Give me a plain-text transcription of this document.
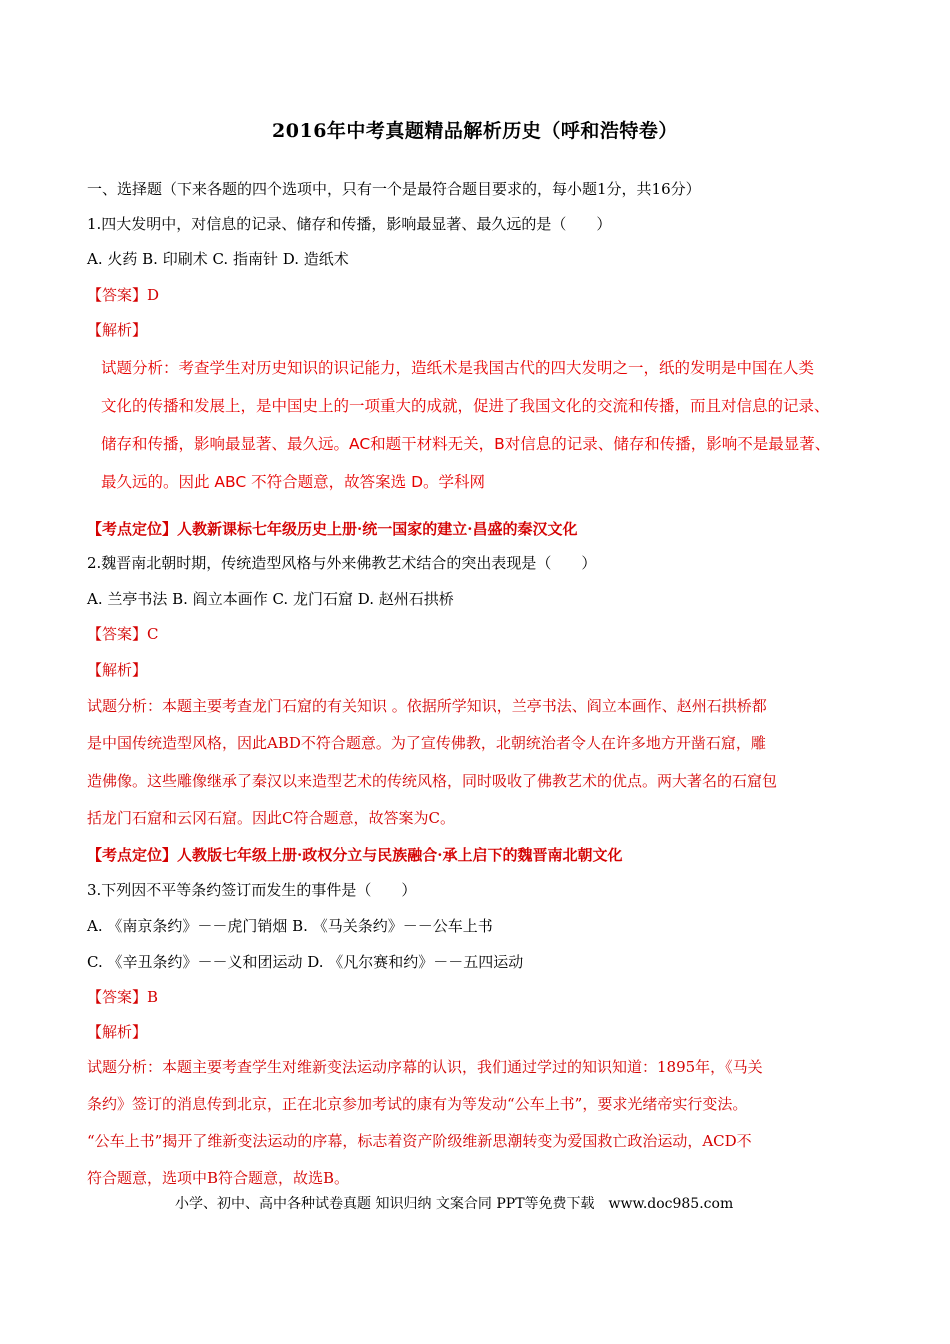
2016年中考真题精品解析历史（呼和浩特卷）
一、选择题（下来各题的四个选项中，只有一个是最符合题目要求的，每小题1分，共16分）
1.四大发明中，对信息的记录、储存和传播，影响最显著、最久远的是（　　）
A. 火药 B. 印刷术 C. 指南针 D. 造纸术
【答案】D
【解析】
试题分析：考查学生对历史知识的识记能力，造纸术是我国古代的四大发明之一，纸的发明是中国在人类
文化的传播和发展上，是中国史上的一项重大的成就，促进了我国文化的交流和传播，而且对信息的记录、
储存和传播，影响最显著、最久远。AC和题干材料无关，B对信息的记录、储存和传播，影响不是最显著、
最久远的。因此 ABC 不符合题意，故答案选 D。学科网
【考点定位】人教新课标七年级历史上册·统一国家的建立·昌盛的秦汉文化
2.魏晋南北朝时期，传统造型风格与外来佛教艺术结合的突出表现是（　　）
A. 兰亭书法 B. 阎立本画作 C. 龙门石窟 D. 赵州石拱桥
【答案】C
【解析】
试题分析：本题主要考查龙门石窟的有关知识 。依据所学知识，兰亭书法、阎立本画作、赵州石拱桥都
是中国传统造型风格，因此ABD不符合题意。为了宣传佛教，北朝统治者令人在许多地方开凿石窟，雕
造佛像。这些雕像继承了秦汉以来造型艺术的传统风格，同时吸收了佛教艺术的优点。两大著名的石窟包
括龙门石窟和云冈石窟。因此C符合题意，故答案为C。
【考点定位】人教版七年级上册·政权分立与民族融合·承上启下的魏晋南北朝文化
3.下列因不平等条约签订而发生的事件是（　　）
A. 《南京条约》－－虎门销烟 B. 《马关条约》－－公车上书
C. 《辛丑条约》－－义和团运动 D. 《凡尔赛和约》－－五四运动
【答案】B
【解析】
试题分析：本题主要考查学生对维新变法运动序幕的认识，我们通过学过的知识知道：1895年，《马关
条约》签订的消息传到北京，正在北京参加考试的康有为等发动“公车上书”，要求光绪帝实行变法。
“公车上书”揭开了维新变法运动的序幕，标志着资产阶级维新思潮转变为爱国救亡政治运动，ACD不
符合题意，选项中B符合题意，故选B。
小学、初中、高中各种试卷真题 知识归纳 文案合同 PPT等免费下载　www.doc985.com
